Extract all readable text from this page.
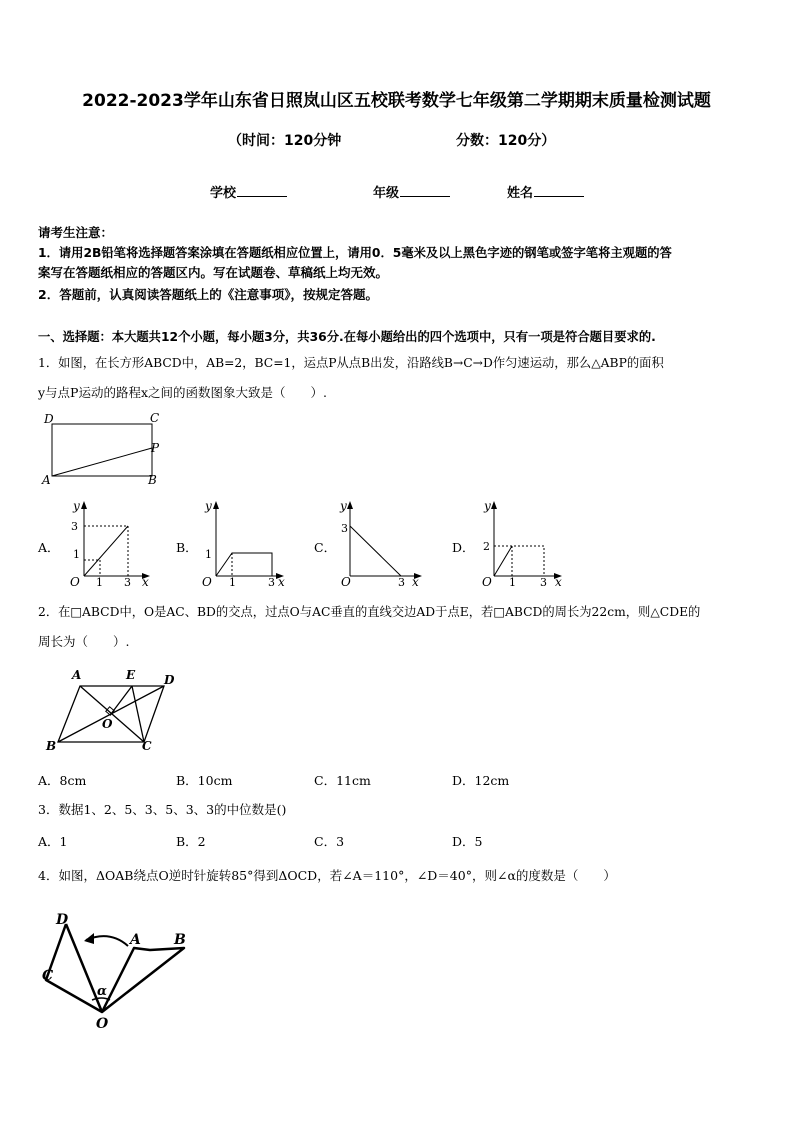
2022-2023学年山东省日照岚山区五校联考数学七年级第二学期期末质量检测试题
（时间：120分钟	分数：120分）
学校	年级	姓名
请考生注意：
1．请用2B铅笔将选择题答案涂填在答题纸相应位置上，请用0．5毫米及以上黑色字迹的钢笔或签字笔将主观题的答
案写在答题纸相应的答题区内。写在试题卷、草稿纸上均无效。
2．答题前，认真阅读答题纸上的《注意事项》，按规定答题。
一、选择题：本大题共12个小题，每小题3分，共36分.在每小题给出的四个选项中，只有一项是符合题目要求的.
1．如图，在长方形ABCD中，AB=2，BC=1，运点P从点B出发，沿路线B→C→D作匀速运动，那么△ABP的面积
y与点P运动的路程x之间的函数图象大致是（　　）.
D	C
A	B
P
A．	B．	C．	D．
y
3
1
O 1 3 x
y
1
O 1	3 x
y
3
O	3 x
y
2
O 1 3 x
2．在□ABCD中，O是AC、BD的交点，过点O与AC垂直的直线交边AD于点E，若□ABCD的周长为22cm，则△CDE的
周长为（　　）.
A	E D
O
B	C
A．8cm	B．10cm	C．11cm	D．12cm
3．数据1、2、5、3、5、3、3的中位数是()
A．1	B．2	C．3	D．5
4．如图，ΔOAB绕点O逆时针旋转85°得到ΔOCD，若∠A＝110°，∠D＝40°，则∠α的度数是（　　）
D
A B
C
α
O
